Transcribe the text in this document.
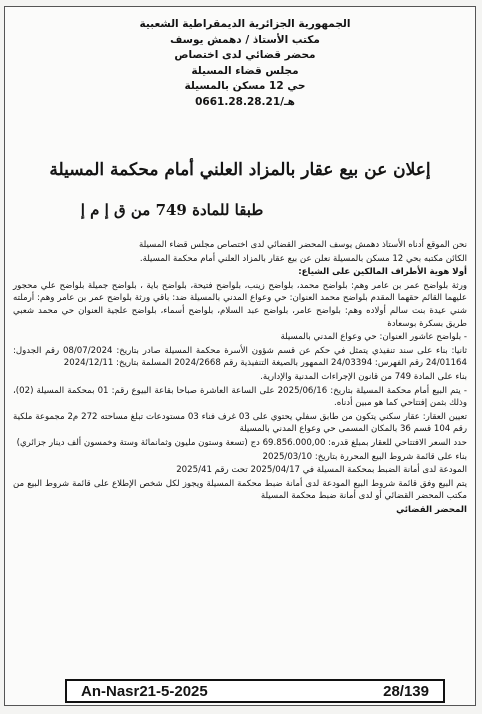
الجمهورية الجزائرية الديمقراطية الشعبية
مكتب الأستاذ / دهمش يوسف
محضر قضائي لدى اختصاص
مجلس قضاء المسيلة
حي 12 مسكن بالمسيلة
هـ/0661.28.28.21
إعلان عن بيع عقار بالمزاد العلني أمام محكمة المسيلة
طبقا للمادة 749 من ق إ م إ

نحن الموقع أدناه الأستاذ دهمش يوسف المحضر القضائي لدى اختصاص مجلس قضاء المسيلة

الكائن مكتبه بحي 12 مسكن بالمسيلة نعلن عن بيع عقار بالمزاد العلني أمام محكمة المسيلة.

أولا هوية الأطراف المالكين على الشياع:

ورثة بلواضح عمر بن عامر وهم: بلواضح محمد، بلواضح زينب، بلواضح فتيحة، بلواضح باية ، بلواضح جميلة بلواضح علي محجور عليهما القائم حقهما المقدم بلواضح محمد العنوان: حي وعواع المدني بالمسيلة ضد: باقي ورثة بلواضح عمر بن عامر وهم: أرملته شني عيدة بنت سالم أولاده وهم: بلواضح عامر، بلواضح عبد السلام، بلواضح أسماء، بلواضح علجية العنوان حي محمد شعبي طريق بسكرة بوسعادة

- بلواضح عاشور العنوان: حي وعواع المدني بالمسيلة

ثانيا: بناء على سند تنفيذي يتمثل في حكم عن قسم شؤون الأسرة محكمة المسيلة صادر بتاريخ: 08/07/2024 رقم الجدول: 24/01164 رقم الفهرس: 24/03394 الممهور بالصيغة التنفيذية رقم 2024/2668 المسلمة بتاريخ: 2024/12/11

بناء على المادة 749 من قانون الإجراءات المدنية والإدارية.

- يتم البيع أمام محكمة المسيلة بتاريخ: 2025/06/16 على الساعة العاشرة صباحا بقاعة البيوع رقم: 01 بمحكمة المسيلة (02)، وذلك بثمن إفتتاحي كما هو مبين أدناه.

تعيين العقار: عقار سكني يتكون من طابق سفلي يحتوي على 03 غرف فناء 03 مستودعات تبلغ مساحته 272 م2 مجموعة ملكية رقم 104 قسم 36 بالمكان المسمى حي وعواع المدني بالمسيلة

حدد السعر الافتتاحي للعقار بمبلغ قدره: 69.856.000,00 دج (تسعة وستون مليون وثمانمائة وستة وخمسون ألف دينار جزائري)

بناء على قائمة شروط البيع المحررة بتاريخ: 2025/03/10

المودعة لدى أمانة الضبط بمحكمة المسيلة في 2025/04/17 تحت رقم 2025/41

يتم البيع وفق قائمة شروط البيع المودعة لدى أمانة ضبط محكمة المسيلة ويجوز لكل شخص الإطلاع على قائمة شروط البيع من مكتب المحضر القضائي أو لدى أمانة ضبط محكمة المسيلة

المحضر القضائي

An-Nasr21-5-2025	28/139
